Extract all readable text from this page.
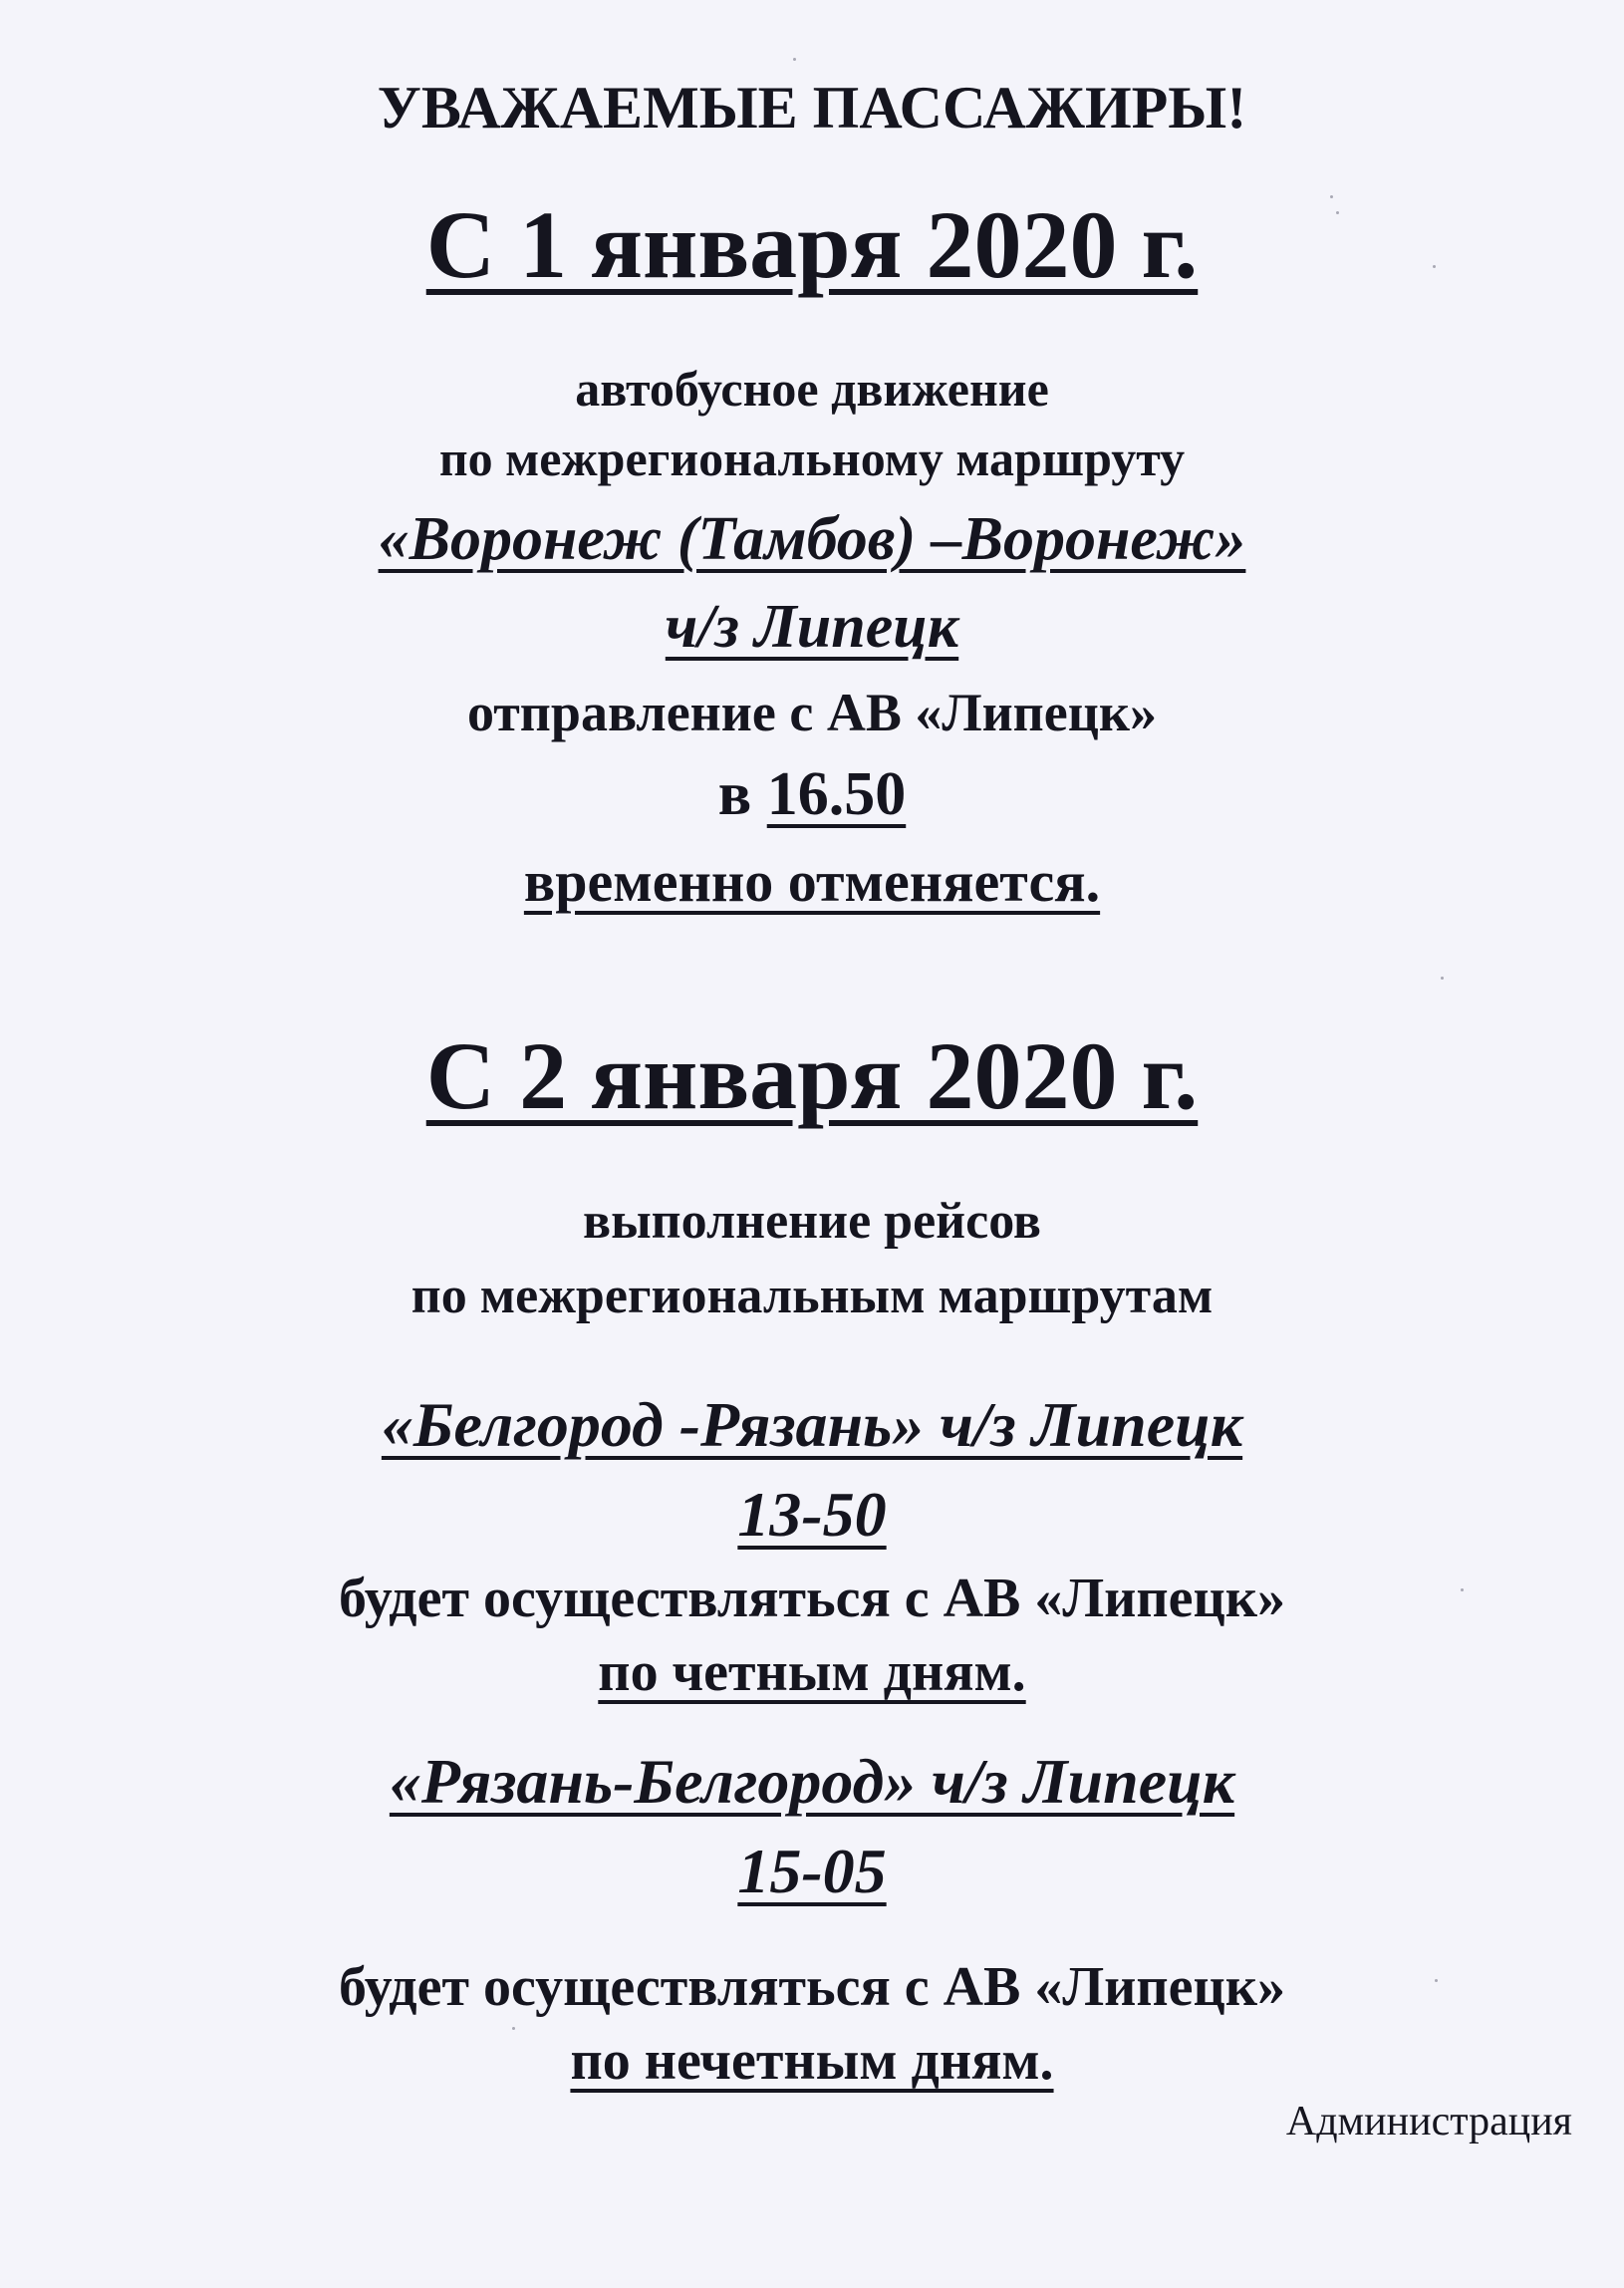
УВАЖАЕМЫЕ ПАССАЖИРЫ!
С 1 января 2020 г.
автобусное движение
по межрегиональному маршруту
«Воронеж (Тамбов) –Воронеж»
ч/з Липецк
отправление с АВ «Липецк»
в 16.50
временно отменяется.
С 2 января 2020 г.
выполнение рейсов
по межрегиональным маршрутам
«Белгород -Рязань» ч/з Липецк
13-50
будет осуществляться с АВ «Липецк»
по четным дням.
«Рязань-Белгород» ч/з Липецк
15-05
будет осуществляться с АВ «Липецк»
по нечетным дням.
Администрация
